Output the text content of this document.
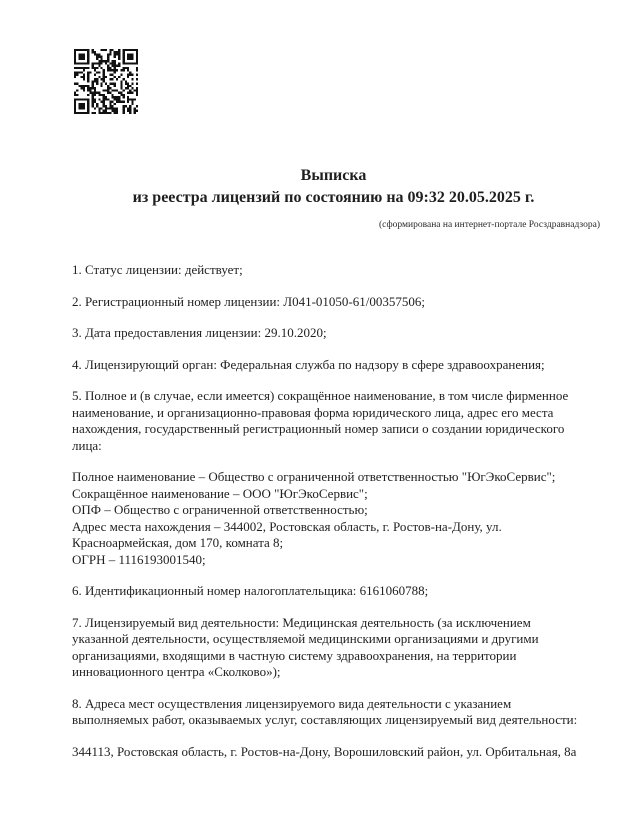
Выписка
из реестра лицензий по состоянию на 09:32 20.05.2025 г.
(сформирована на интернет-портале Росздравнадзора)

1. Статус лицензии: действует;

2. Регистрационный номер лицензии: Л041-01050-61/00357506;

3. Дата предоставления лицензии: 29.10.2020;

4. Лицензирующий орган: Федеральная служба по надзору в сфере здравоохранения;

5. Полное и (в случае, если имеется) сокращённое наименование, в том числе фирменное наименование, и организационно-правовая форма юридического лица, адрес его места нахождения, государственный регистрационный номер записи о создании юридического лица:

Полное наименование – Общество с ограниченной ответственностью "ЮгЭкоСервис";
Сокращённое наименование – ООО "ЮгЭкоСервис";
ОПФ – Общество с ограниченной ответственностью;
Адрес места нахождения – 344002, Ростовская область, г. Ростов-на-Дону, ул. Красноармейская, дом 170, комната 8;
ОГРН – 1116193001540;

6. Идентификационный номер налогоплательщика: 6161060788;

7. Лицензируемый вид деятельности: Медицинская деятельность (за исключением указанной деятельности, осуществляемой медицинскими организациями и другими организациями, входящими в частную систему здравоохранения, на территории инновационного центра «Сколково»);

8. Адреса мест осуществления лицензируемого вида деятельности с указанием выполняемых работ, оказываемых услуг, составляющих лицензируемый вид деятельности:

344113, Ростовская область, г. Ростов-на-Дону, Ворошиловский район, ул. Орбитальная, 8а
